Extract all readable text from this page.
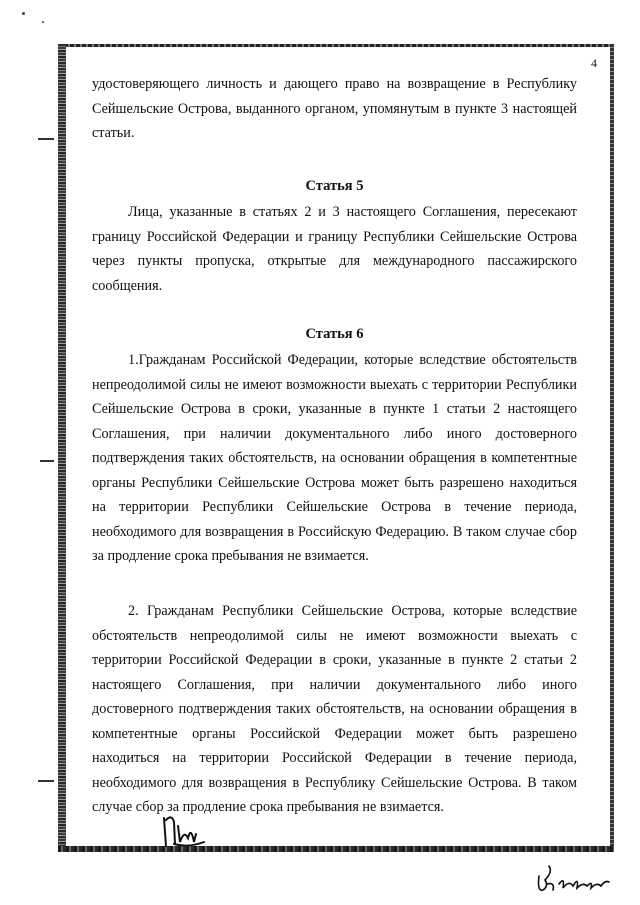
4
удостоверяющего личность и дающего право на возвращение в Республику Сейшельские Острова, выданного органом, упомянутым в пункте 3 настоящей статьи.
Статья 5
Лица, указанные в статьях 2 и 3 настоящего Соглашения, пересекают границу Российской Федерации и границу Республики Сейшельские Острова через пункты пропуска, открытые для международного пассажирского сообщения.
Статья 6
1.Гражданам Российской Федерации, которые вследствие обстоятельств непреодолимой силы не имеют возможности выехать с территории Республики Сейшельские Острова в сроки, указанные в пункте 1 статьи 2 настоящего Соглашения, при наличии документального либо иного достоверного подтверждения таких обстоятельств, на основании обращения в компетентные органы Республики Сейшельские Острова может быть разрешено находиться на территории Республики Сейшельские Острова в течение периода, необходимого для возвращения в Российскую Федерацию. В таком случае сбор за продление срока пребывания не взимается.
2. Гражданам Республики Сейшельские Острова, которые вследствие обстоятельств непреодолимой силы не имеют возможности выехать с территории Российской Федерации в сроки, указанные в пункте 2 статьи 2 настоящего Соглашения, при наличии документального либо иного достоверного подтверждения таких обстоятельств, на основании обращения в компетентные органы Российской Федерации может быть разрешено находиться на территории Российской Федерации в течение периода, необходимого для возвращения в Республику Сейшельские Острова. В таком случае сбор за продление срока пребывания не взимается.
